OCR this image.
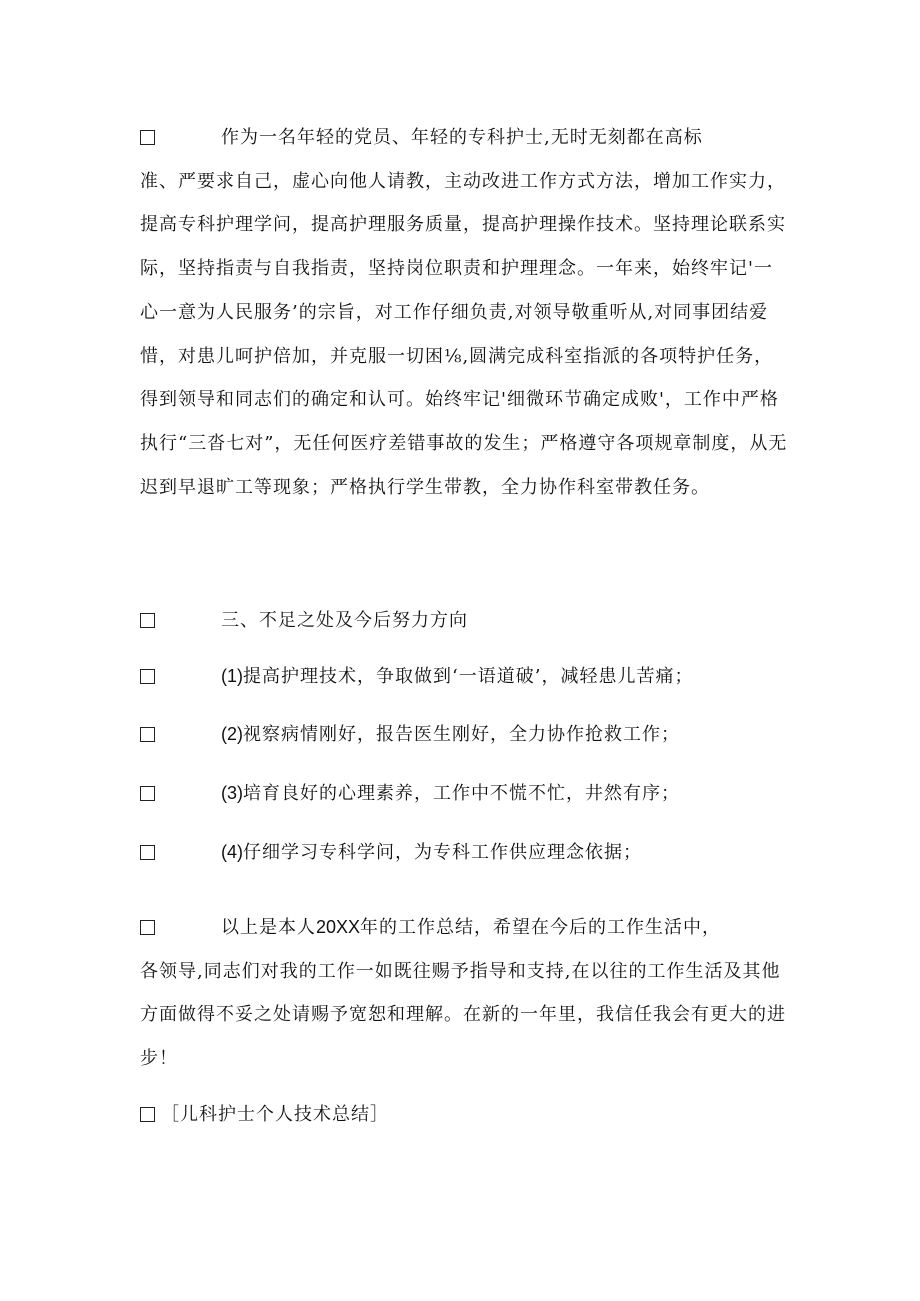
作为一名年轻的党员、年轻的专科护士,无时无刻都在高标
准、严要求自己，虚心向他人请教，主动改进工作方式方法，增加工作实力，提高专科护理学问，提高护理服务质量，提高护理操作技术。坚持理论联系实际，坚持指责与自我指责，坚持岗位职责和护理理念。一年来，始终牢记'一心一意为人民服务’的宗旨，对工作仔细负责,对领导敬重听从,对同事团结爱惜，对患儿呵护倍加，并克服一切困⅛,圆满完成科室指派的各项特护任务，得到领导和同志们的确定和认可。始终牢记'细微环节确定成败'，工作中严格执行“三沓七对”，无任何医疗差错事故的发生；严格遵守各项规章制度，从无迟到早退旷工等现象；严格执行学生带教，全力协作科室带教任务。
三、不足之处及今后努力方向
(1)提高护理技术，争取做到‘一语道破’，减轻患儿苦痛；
(2)视察病情刚好，报告医生刚好，全力协作抢救工作；
(3)培育良好的心理素养，工作中不慌不忙，井然有序；
(4)仔细学习专科学问，为专科工作供应理念依据；
以上是本人20XX年的工作总结，希望在今后的工作生活中，
各领导,同志们对我的工作一如既往赐予指导和支持,在以往的工作生活及其他方面做得不妥之处请赐予宽恕和理解。在新的一年里，我信任我会有更大的进步！
［儿科护士个人技术总结］
